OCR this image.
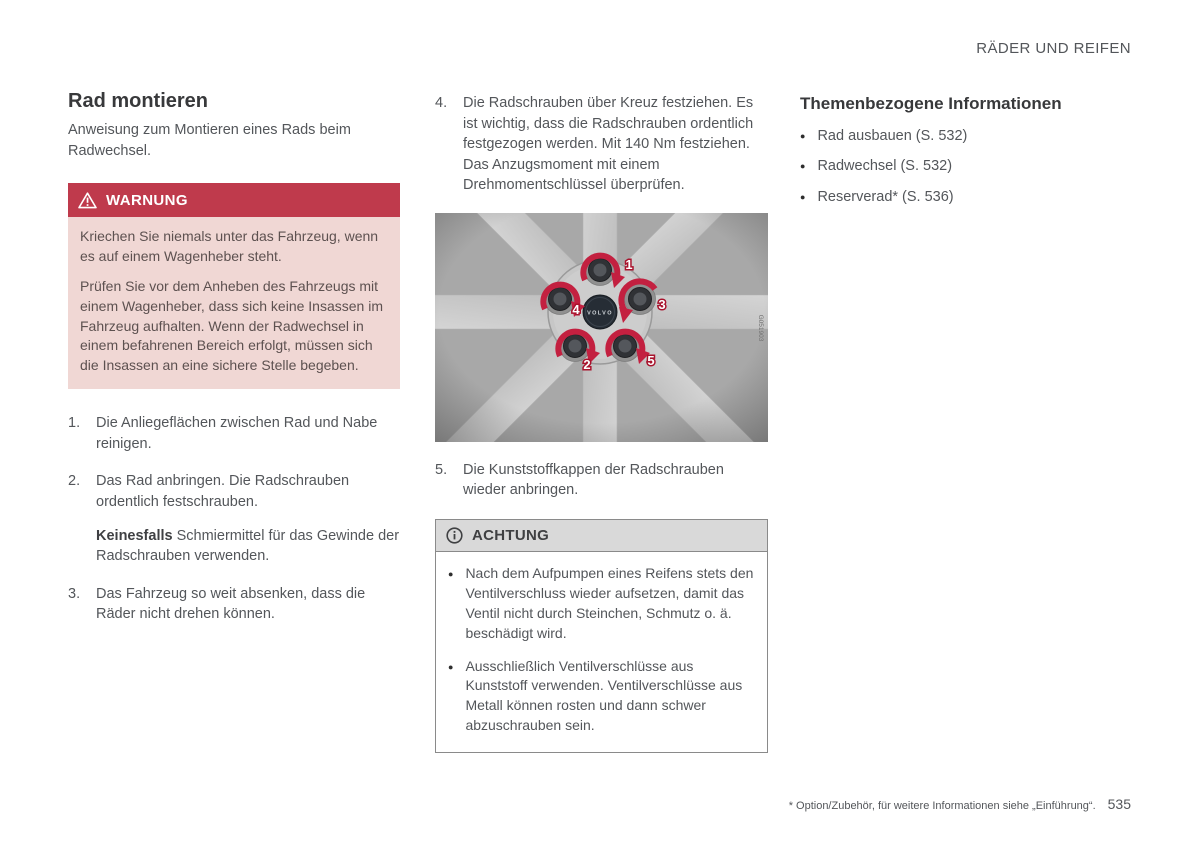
RÄDER UND REIFEN
Rad montieren

Anweisung zum Montieren eines Rads beim Radwechsel.

WARNUNG

Kriechen Sie niemals unter das Fahrzeug, wenn es auf einem Wagenheber steht.

Prüfen Sie vor dem Anheben des Fahrzeugs mit einem Wagenheber, dass sich keine Insassen im Fahrzeug aufhalten. Wenn der Radwechsel in einem befahrenen Bereich erfolgt, müssen sich die Insassen an eine sichere Stelle begeben.

1.	Die Anliegeflächen zwischen Rad und Nabe reinigen.

2.	Das Rad anbringen. Die Radschrauben ordentlich festschrauben.

Keinesfalls Schmiermittel für das Gewinde der Radschrauben verwenden.

3.	Das Fahrzeug so weit absenken, dass die Räder nicht drehen können.

4.	Die Radschrauben über Kreuz festziehen. Es ist wichtig, dass die Radschrauben ordentlich festgezogen werden. Mit 140 Nm festziehen. Das Anzugsmoment mit einem Drehmomentschlüssel überprüfen.

G051903
5.	Die Kunststoffkappen der Radschrauben wieder anbringen.

ACHTUNG
● Nach dem Aufpumpen eines Reifens stets den Ventilverschluss wieder aufsetzen, damit das Ventil nicht durch Steinchen, Schmutz o. ä. beschädigt wird.
● Ausschließlich Ventilverschlüsse aus Kunststoff verwenden. Ventilverschlüsse aus Metall können rosten und dann schwer abzuschrauben sein.
Themenbezogene Informationen
● Rad ausbauen (S. 532)
● Radwechsel (S. 532)
● Reserverad* (S. 536)
* Option/Zubehör, für weitere Informationen siehe „Einführung“. 535
